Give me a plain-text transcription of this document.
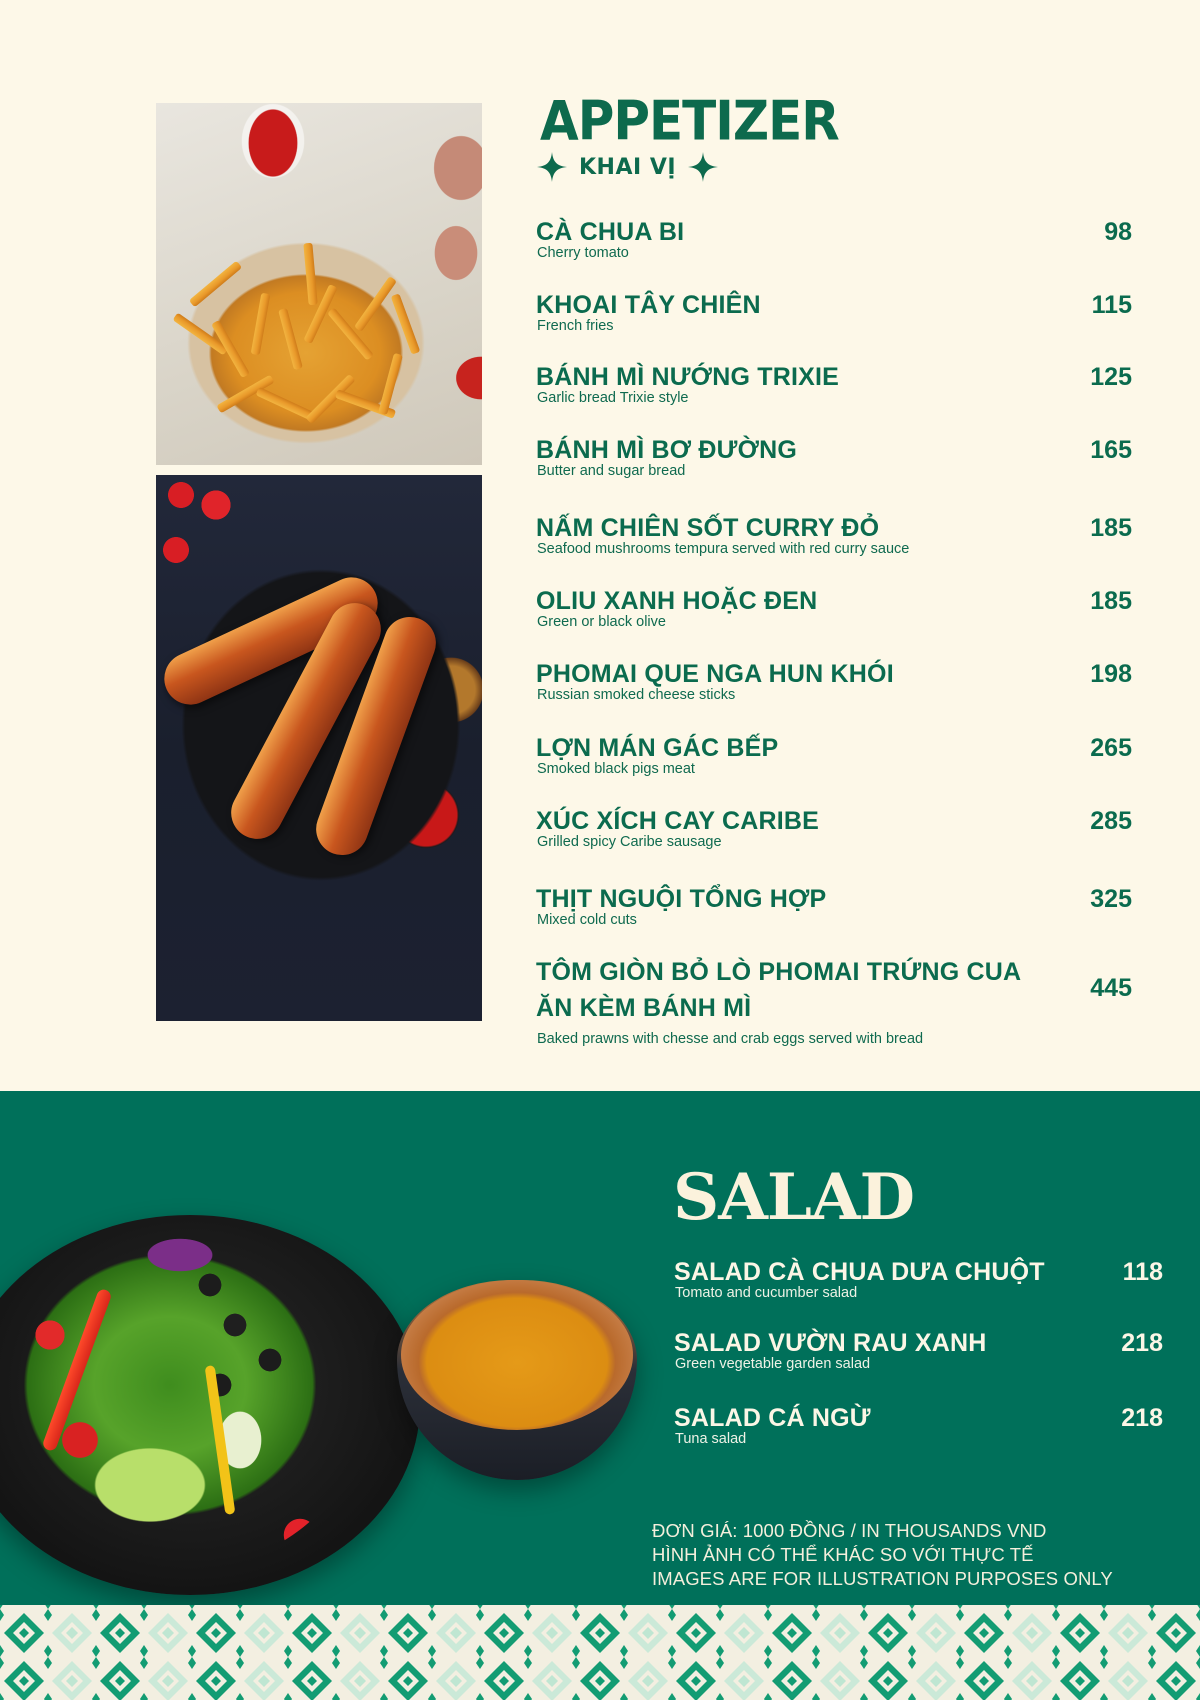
APPETIZER
KHAI VỊ
CÀ CHUA BI
Cherry tomato
98
KHOAI TÂY CHIÊN
French fries
115
BÁNH MÌ NƯỚNG TRIXIE
Garlic bread Trixie style
125
BÁNH MÌ BƠ ĐƯỜNG
Butter and sugar bread
165
NẤM CHIÊN SỐT CURRY ĐỎ
Seafood mushrooms tempura served with red curry sauce
185
OLIU XANH HOẶC ĐEN
Green or black olive
185
PHOMAI QUE NGA HUN KHÓI
Russian smoked cheese sticks
198
LỢN MÁN GÁC BẾP
Smoked black pigs meat
265
XÚC XÍCH CAY CARIBE
Grilled spicy Caribe sausage
285
THỊT NGUỘI TỔNG HỢP
Mixed cold cuts
325
TÔM GIÒN BỎ LÒ PHOMAI TRỨNG CUA
ĂN KÈM BÁNH MÌ
Baked prawns with chesse and crab eggs served with bread
445
SALAD
SALAD CÀ CHUA DƯA CHUỘT
Tomato and cucumber salad
118
SALAD VƯỜN RAU XANH
Green vegetable garden salad
218
SALAD CÁ NGỪ
Tuna salad
218
ĐƠN GIÁ: 1000 ĐỒNG / IN THOUSANDS VND
HÌNH ẢNH CÓ THỂ KHÁC SO VỚI THỰC TẾ
IMAGES ARE FOR ILLUSTRATION PURPOSES ONLY
